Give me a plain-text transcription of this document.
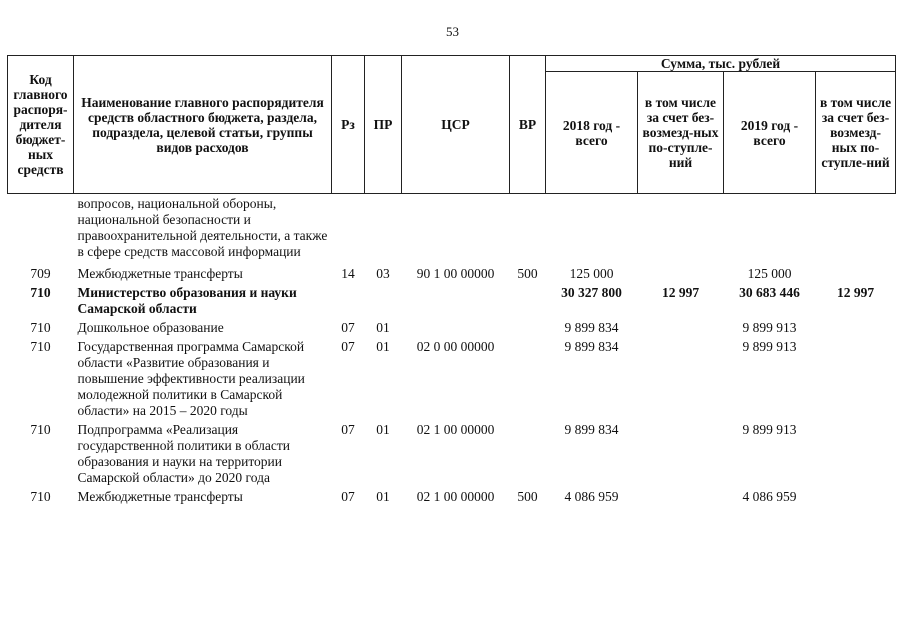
53
Код главного распоря-дителя бюджет-ных средств	Наименование главного распорядителя средств областного бюджета, раздела, подраздела, целевой статьи, группы видов расходов	Рз	ПР	ЦСР	ВР	Сумма, тыс. рублей			
						2018 год - всего	в том числе за счет без-возмезд-ных по-ступле-ний	2019 год - всего	в том числе за счет без-возмезд-ных по-ступле-ний
	вопросов, национальной обороны, национальной безопасности и правоохранительной деятельности, а также в сфере средств массовой информации								
709	Межбюджетные трансферты	14	03	90 1 00 00000	500	125 000		125 000	
710	Министерство образования и науки Самарской области					30 327 800	12 997	30 683 446	12 997
710	Дошкольное образование	07	01			9 899 834		9 899 913	
710	Государственная программа Самарской области «Развитие образования и повышение эффективности реализации молодежной политики в Самарской области» на 2015 – 2020 годы	07	01	02 0 00 00000		9 899 834		9 899 913	
710	Подпрограмма «Реализация государственной политики в области образования и науки на территории Самарской области» до 2020 года	07	01	02 1 00 00000		9 899 834		9 899 913	
710	Межбюджетные трансферты	07	01	02 1 00 00000	500	4 086 959		4 086 959	
